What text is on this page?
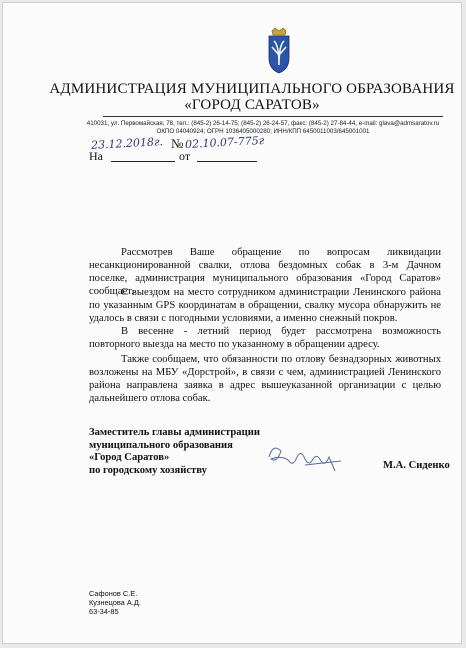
АДМИНИСТРАЦИЯ МУНИЦИПАЛЬНОГО ОБРАЗОВАНИЯ
«ГОРОД САРАТОВ»
410031, ул. Первомайская, 78, тел.: (845-2) 26-14-75; (845-2) 26-24-57, факс: (845-2) 27-84-44, e-mail: glava@admsaratov.ru
ОКПО 04040924; ОГРН 1036405000280; ИНН/КПП 6450011003/645001001
23.12.2018г. № 02.10.07-775г
На	от

Рассмотрев Ваше обращение по вопросам ликвидации несанкционированной свалки, отлова бездомных собак в 3-м Дачном поселке, администрация муниципального образования «Город Саратов» сообщает.

С выездом на место сотрудником администрации Ленинского района по указанным GPS координатам в обращении, свалку мусора обнаружить не удалось в связи с погодными условиями, а именно снежный покров.

В весенне - летний период будет рассмотрена возможность повторного выезда на место по указанному в обращении адресу.

Также сообщаем, что обязанности по отлову безнадзорных животных возложены на МБУ «Дорстрой», в связи с чем, администрацией Ленинского района направлена заявка в адрес вышеуказанной организации с целью дальнейшего отлова собак.

Заместитель главы администрации
муниципального образования
«Город Саратов»
по городскому хозяйству	М.А. Сиденко
Сафонов С.Е.
Кузнецова А.Д.
63-34-85
